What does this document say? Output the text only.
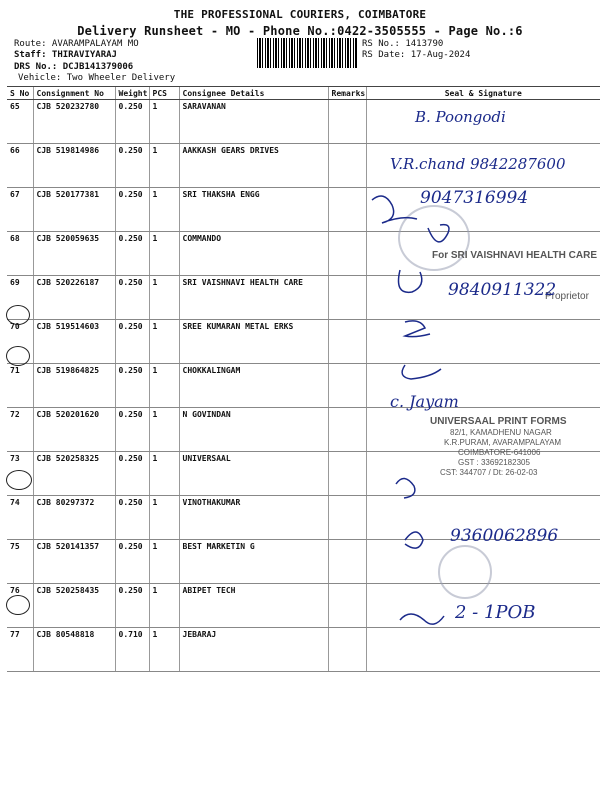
THE PROFESSIONAL COURIERS, COIMBATORE
Delivery Runsheet - MO - Phone No.:0422-3505555 - Page No.:6
Route: AVARAMPALAYAM MO
Staff: THIRAVIYARAJ
DRS No.: DCJB141379006
Vehicle: Two Wheeler Delivery
RS No.: 1413790
RS Date: 17-Aug-2024
S No	Consignment No	Weight	PCS	Consignee Details	Remarks	Seal & Signature
65	CJB 520232780	0.250	1	SARAVANAN		
66	CJB 519814986	0.250	1	AAKKASH GEARS DRIVES		
67	CJB 520177381	0.250	1	SRI THAKSHA ENGG		
68	CJB 520059635	0.250	1	COMMANDO		
69	CJB 520226187	0.250	1	SRI VAISHNAVI HEALTH CARE		
70	CJB 519514603	0.250	1	SREE KUMARAN METAL ERKS		
71	CJB 519864825	0.250	1	CHOKKALINGAM		
72	CJB 520201620	0.250	1	N GOVINDAN		
73	CJB 520258325	0.250	1	UNIVERSAAL		
74	CJB 80297372	0.250	1	VINOTHAKUMAR		
75	CJB 520141357	0.250	1	BEST MARKETIN G		
76	CJB 520258435	0.250	1	ABIPET TECH		
77	CJB 80548818	0.710	1	JEBARAJ		
For SRI VAISHNAVI HEALTH CARE
Proprietor
UNIVERSAAL PRINT FORMS
82/1, KAMADHENU NAGAR
K.R.PURAM, AVARAMPALAYAM
COIMBATORE-641006
GST : 33692182305
CST: 344707 / Dt: 26-02-03
B. Poongodi
V.R.chand 9842287600
9047316994
9840911322
c. Jayam
9360062896
2 - 1POB
